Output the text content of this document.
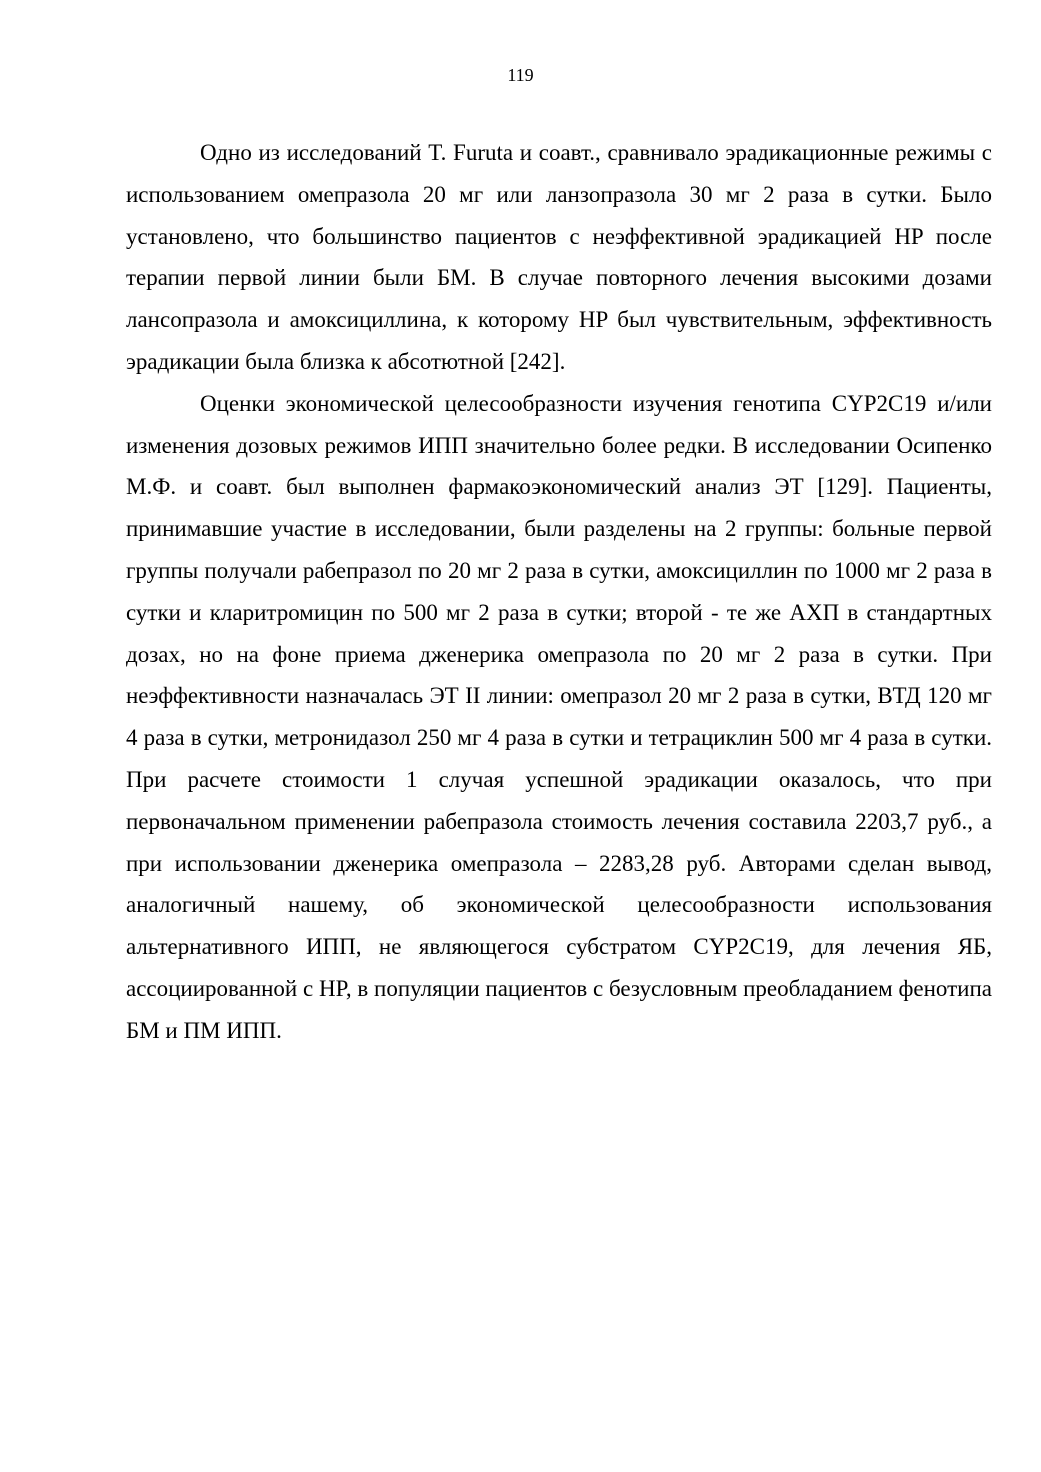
119

Одно из исследований T. Furuta и соавт., сравнивало эрадикационные режимы с использованием омепразола 20 мг или ланзопразола 30 мг 2 раза в сутки. Было установлено, что большинство пациентов с неэффективной эрадикацией HP после терапии первой линии были БМ. В случае повторного лечения высокими дозами лансопразола и амоксициллина, к которому HP был чувствительным, эффективность эрадикации была близка к абсотютной [242].

Оценки экономической целесообразности изучения генотипа CYP2C19 и/или изменения дозовых режимов ИПП значительно более редки. В исследовании Осипенко М.Ф. и соавт. был выполнен фармакоэкономический анализ ЭТ [129]. Пациенты, принимавшие участие в исследовании, были разделены на 2 группы: больные первой группы получали рабепразол по 20 мг 2 раза в сутки, амоксициллин по 1000 мг 2 раза в сутки и кларитромицин по 500 мг 2 раза в сутки; второй - те же АХП в стандартных дозах, но на фоне приема дженерика омепразола по 20 мг 2 раза в сутки. При неэффективности назначалась ЭТ II линии: омепразол 20 мг 2 раза в сутки, ВТД 120 мг 4 раза в сутки, метронидазол 250 мг 4 раза в сутки и тетрациклин 500 мг 4 раза в сутки. При расчете стоимости 1 случая успешной эрадикации оказалось, что при первоначальном применении рабепразола стоимость лечения составила 2203,7 руб., а при использовании дженерика омепразола – 2283,28 руб. Авторами сделан вывод, аналогичный нашему, об экономической целесообразности использования альтернативного ИПП, не являющегося субстратом CYP2C19, для лечения ЯБ, ассоциированной с HP, в популяции пациентов с безусловным преобладанием фенотипа БМ и ПМ ИПП.
